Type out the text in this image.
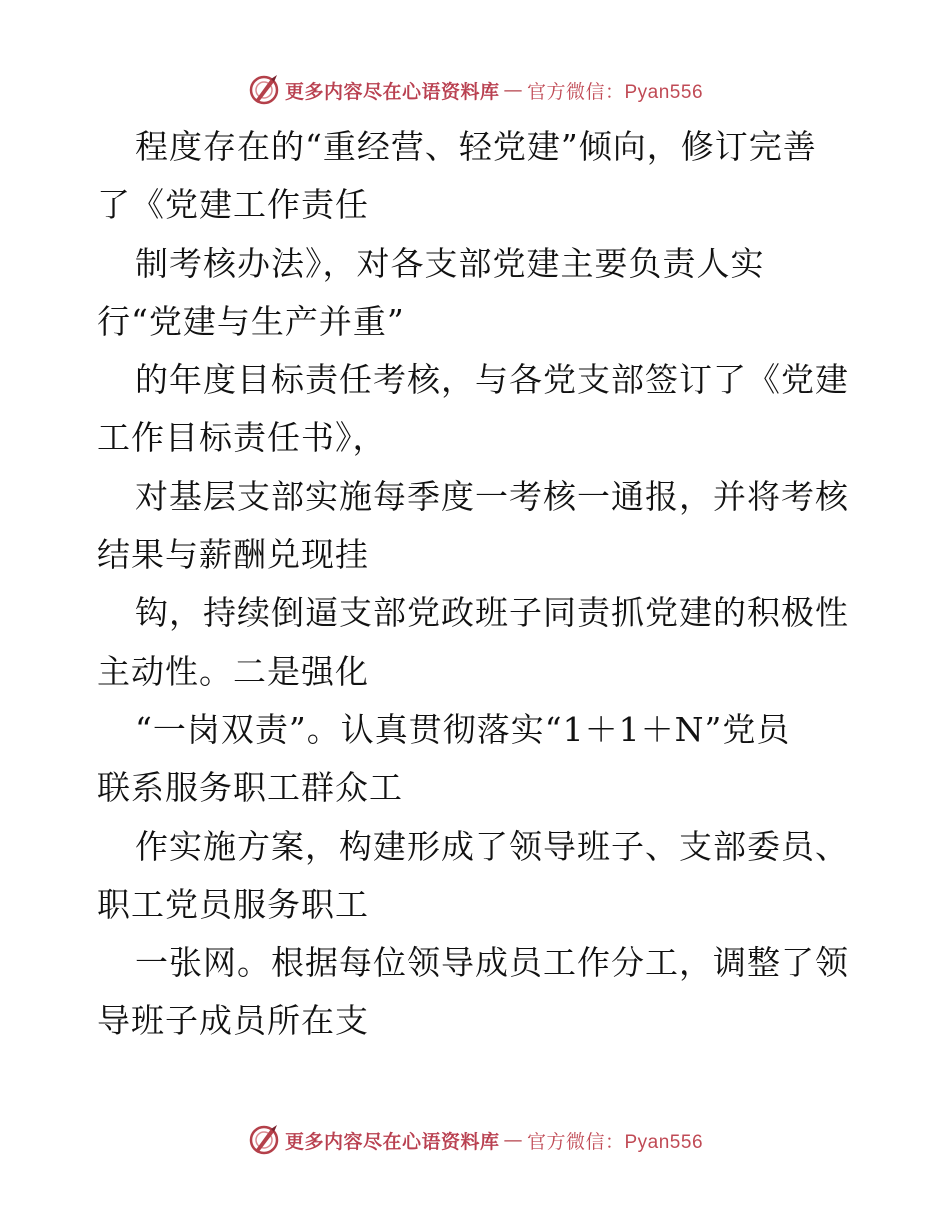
更多内容尽在心语资料库 — 官方微信：Pyan556
程度存在的“重经营、轻党建”倾向，修订完善
了《党建工作责任
制考核办法》，对各支部党建主要负责人实
行“党建与生产并重”
的年度目标责任考核，与各党支部签订了《党建
工作目标责任书》，
对基层支部实施每季度一考核一通报，并将考核
结果与薪酬兑现挂
钩，持续倒逼支部党政班子同责抓党建的积极性
主动性。二是强化
“一岗双责”。认真贯彻落实“1＋1＋N”党员
联系服务职工群众工
作实施方案，构建形成了领导班子、支部委员、
职工党员服务职工
一张网。根据每位领导成员工作分工，调整了领
导班子成员所在支
更多内容尽在心语资料库 — 官方微信：Pyan556
